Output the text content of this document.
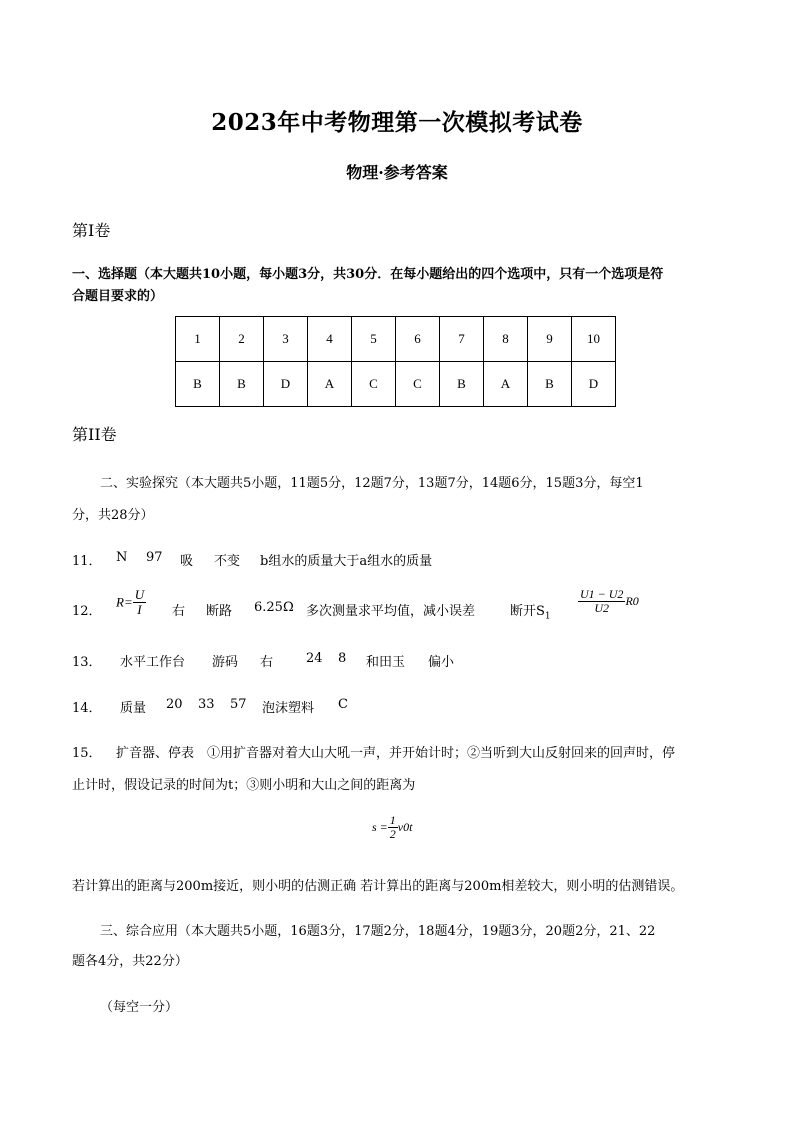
2023年中考物理第一次模拟考试卷
物理·参考答案
第Ⅰ卷
一、选择题（本大题共10小题，每小题3分，共30分．在每小题给出的四个选项中，只有一个选项是符
合题目要求的）
1	2	3	4	5	6	7	8	9	10
B	B	D	A	C	C	B	A	B	D
第II卷
二、实验探究（本大题共5小题，11题5分，12题7分，13题7分，14题6分，15题3分，每空1
分，共28分）
11． N 97 吸 不变 b组水的质量大于a组水的质量
12．
$R= \frac{U}{I}$ 右 断路 6.25Ω 多次测量求平均值，减小误差	断开$S_1$
$\frac{U1 - U2}{U2} R0$
13． 水平工作台 游码 右	24 8 和田玉 偏小
14． 质量 20 33 57 泡沫塑料 C
15． 扩音器、停表　①用扩音器对着大山大吼一声，并开始计时；②当听到大山反射回来的回声时，停
止计时，假设记录的时间为t；③则小明和大山之间的距离为
$s = \frac{1}{2} v0t$
若计算出的距离与200m接近，则小明的估测正确 若计算出的距离与200m相差较大，则小明的估测错误。
三、综合应用（本大题共5小题，16题3分，17题2分，18题4分，19题3分，20题2分，21、22
题各4分，共22分）
（每空一分）
